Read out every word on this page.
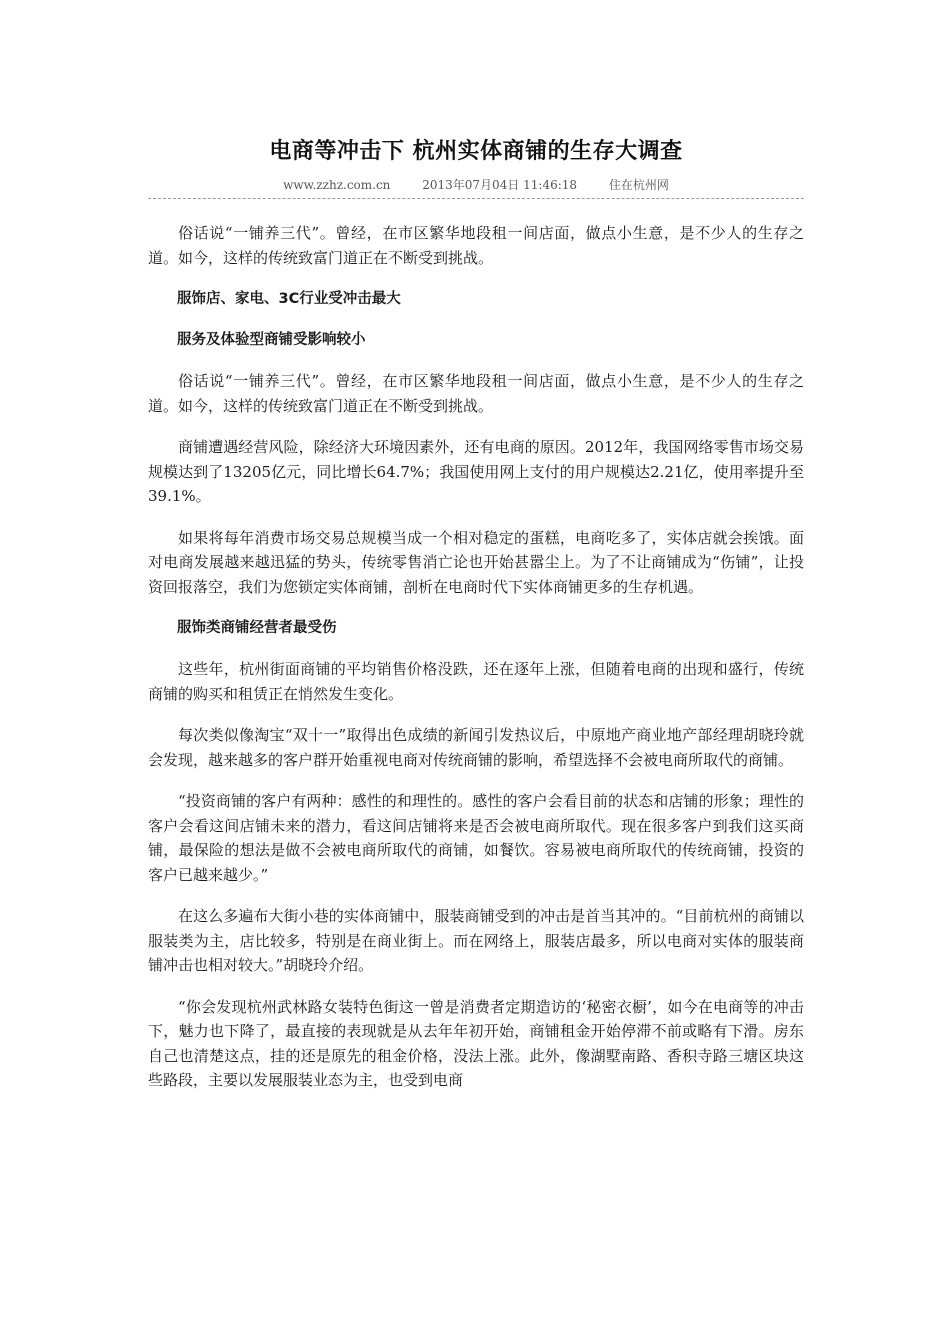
电商等冲击下 杭州实体商铺的生存大调查
www.zzhz.com.cn	2013年07月04日 11:46:18	住在杭州网

俗话说“一铺养三代”。曾经，在市区繁华地段租一间店面，做点小生意，是不少人的生存之道。如今，这样的传统致富门道正在不断受到挑战。

服饰店、家电、3C行业受冲击最大

服务及体验型商铺受影响较小

俗话说“一铺养三代”。曾经，在市区繁华地段租一间店面，做点小生意，是不少人的生存之道。如今，这样的传统致富门道正在不断受到挑战。

商铺遭遇经营风险，除经济大环境因素外，还有电商的原因。2012年，我国网络零售市场交易规模达到了13205亿元，同比增长64.7%；我国使用网上支付的用户规模达2.21亿，使用率提升至39.1%。

如果将每年消费市场交易总规模当成一个相对稳定的蛋糕，电商吃多了，实体店就会挨饿。面对电商发展越来越迅猛的势头，传统零售消亡论也开始甚嚣尘上。为了不让商铺成为“伤铺”，让投资回报落空，我们为您锁定实体商铺，剖析在电商时代下实体商铺更多的生存机遇。

服饰类商铺经营者最受伤

这些年，杭州街面商铺的平均销售价格没跌，还在逐年上涨，但随着电商的出现和盛行，传统商铺的购买和租赁正在悄然发生变化。

每次类似像淘宝“双十一”取得出色成绩的新闻引发热议后，中原地产商业地产部经理胡晓玲就会发现，越来越多的客户群开始重视电商对传统商铺的影响，希望选择不会被电商所取代的商铺。

“投资商铺的客户有两种：感性的和理性的。感性的客户会看目前的状态和店铺的形象；理性的客户会看这间店铺未来的潜力，看这间店铺将来是否会被电商所取代。现在很多客户到我们这买商铺，最保险的想法是做不会被电商所取代的商铺，如餐饮。容易被电商所取代的传统商铺，投资的客户已越来越少。”

在这么多遍布大街小巷的实体商铺中，服装商铺受到的冲击是首当其冲的。“目前杭州的商铺以服装类为主，店比较多，特别是在商业街上。而在网络上，服装店最多，所以电商对实体的服装商铺冲击也相对较大。”胡晓玲介绍。

“你会发现杭州武林路女装特色街这一曾是消费者定期造访的‘秘密衣橱’，如今在电商等的冲击下，魅力也下降了，最直接的表现就是从去年年初开始，商铺租金开始停滞不前或略有下滑。房东自己也清楚这点，挂的还是原先的租金价格，没法上涨。此外，像湖墅南路、香积寺路三塘区块这些路段，主要以发展服装业态为主，也受到电商
